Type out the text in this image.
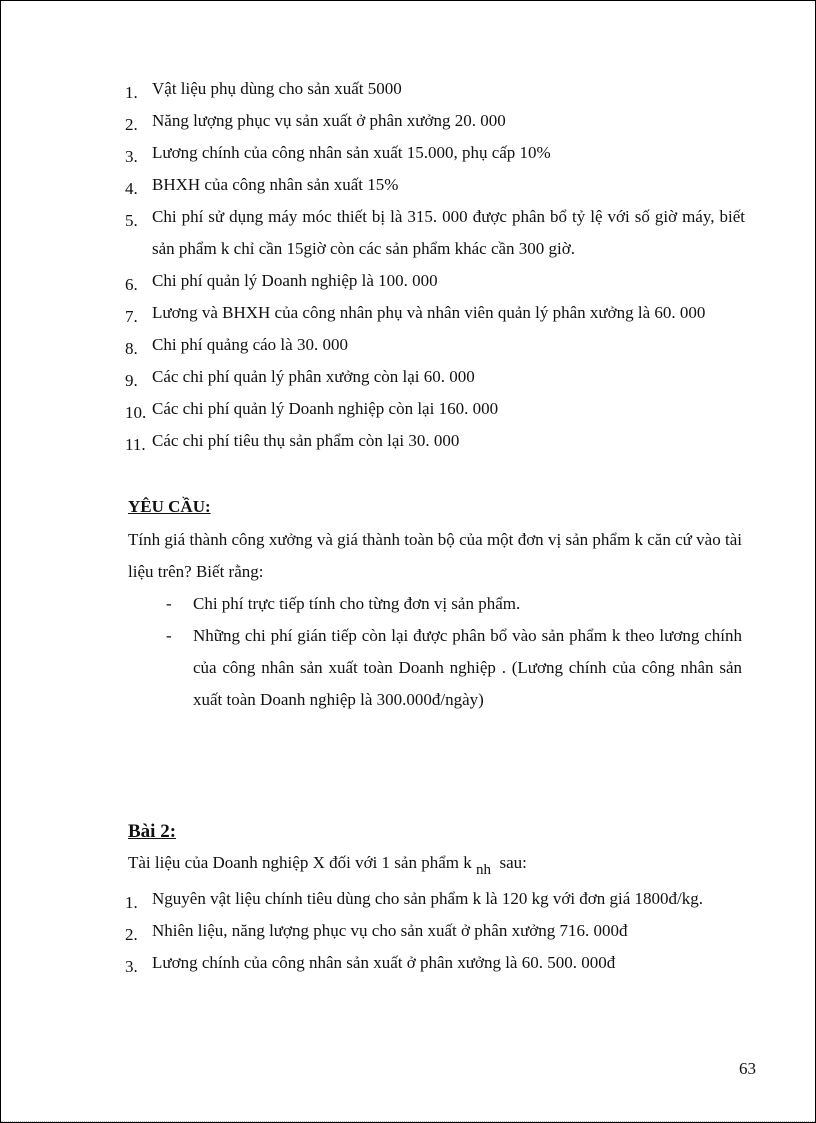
1. Vật liệu phụ dùng cho sản xuất 5000
2. Năng lượng phục vụ sản xuất ở phân xưởng 20. 000
3. Lương chính của công nhân sản xuất 15.000, phụ cấp 10%
4. BHXH của công nhân sản xuất 15%
5. Chi phí sử dụng máy móc thiết bị là 315. 000 được phân bổ tỷ lệ với số giờ máy, biết sản phẩm k chỉ cần 15giờ còn các sản phẩm khác cần 300 giờ.
6. Chi phí quản lý Doanh nghiệp là 100. 000
7. Lương và BHXH của công nhân phụ và nhân viên quản lý phân xưởng là 60. 000
8. Chi phí quảng cáo là 30. 000
9. Các chi phí quản lý phân xưởng còn lại 60. 000
10. Các chi phí quản lý Doanh nghiệp còn lại 160. 000
11. Các chi phí tiêu thụ sản phẩm còn lại 30. 000
YÊU CẦU:
Tính giá thành công xưởng và giá thành toàn bộ của một đơn vị sản phẩm k căn cứ vào tài liệu trên? Biết rằng:
- Chi phí trực tiếp tính cho từng đơn vị sản phẩm.
- Những chi phí gián tiếp còn lại được phân bổ vào sản phẩm k theo lương chính của công nhân sản xuất toàn Doanh nghiệp . (Lương chính của công nhân sản xuất toàn Doanh nghiệp là 300.000đ/ngày)
Bài 2:
Tài liệu của Doanh nghiệp X đối với 1 sản phẩm k nh sau:
1. Nguyên vật liệu chính tiêu dùng cho sản phẩm k là 120 kg với đơn giá 1800đ/kg.
2. Nhiên liệu, năng lượng phục vụ cho sản xuất ở phân xưởng 716. 000đ
3. Lương chính của công nhân sản xuất ở phân xưởng là 60. 500. 000đ
63
